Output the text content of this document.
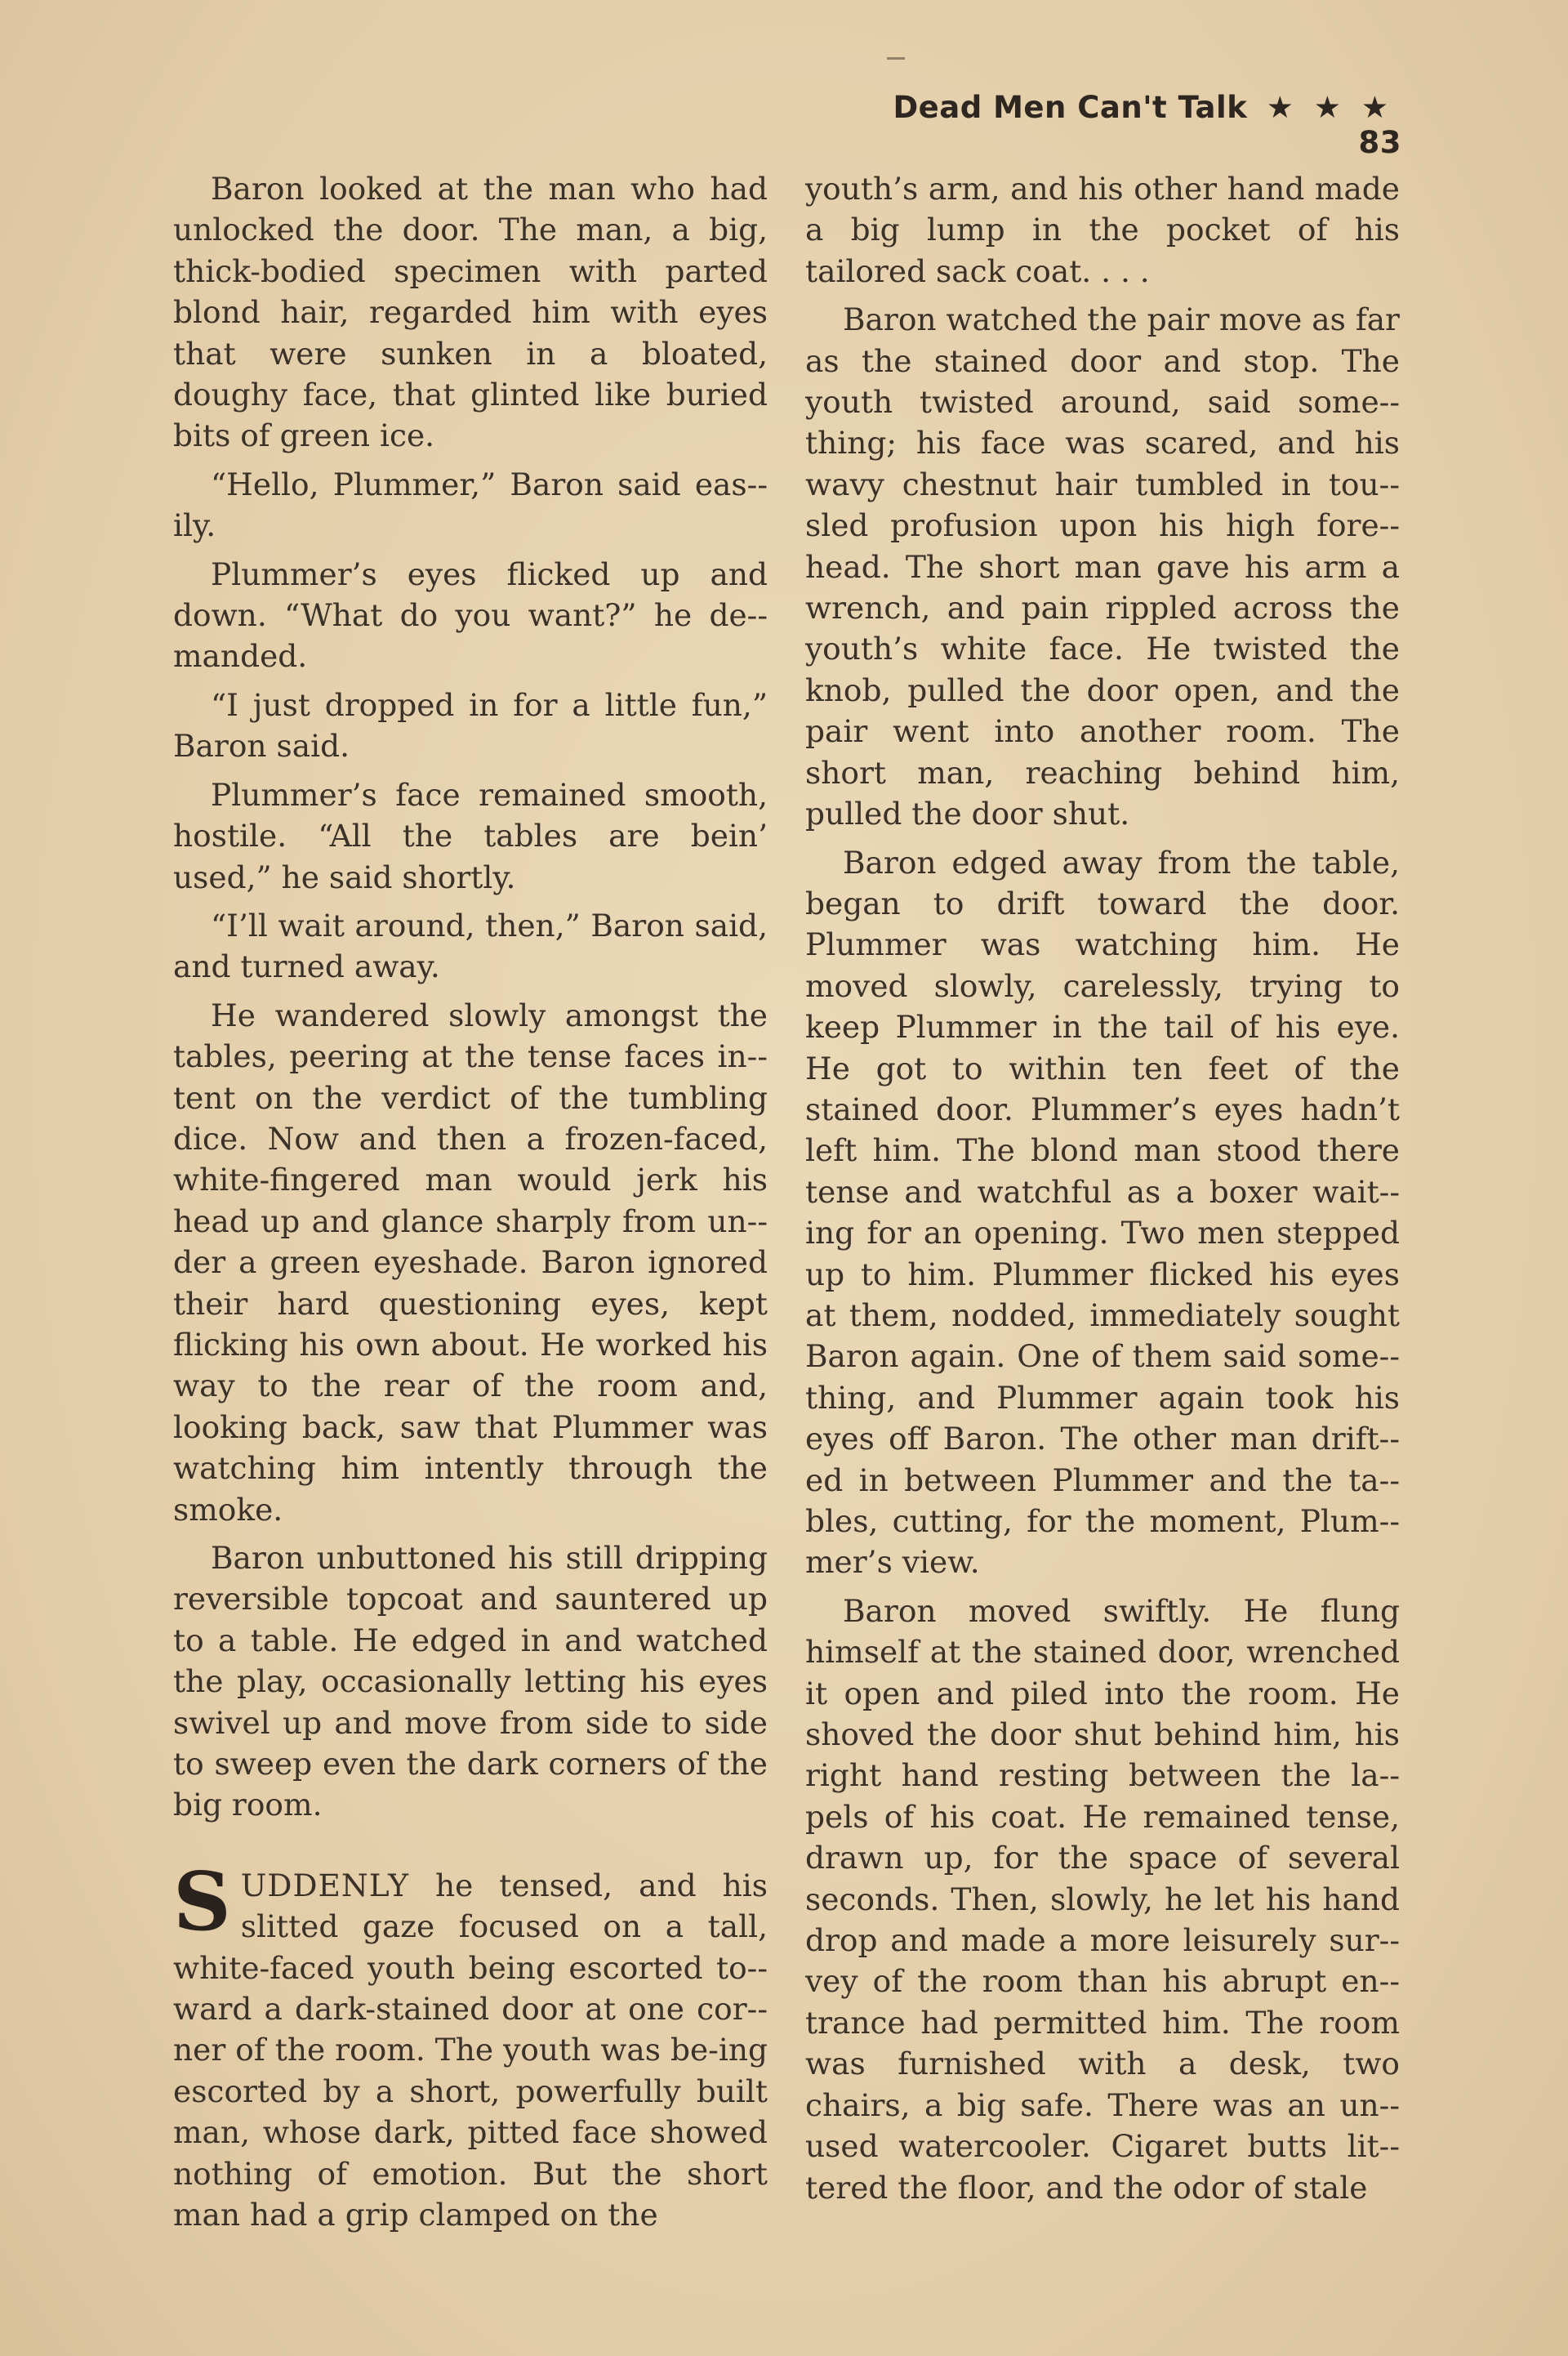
Dead Men Can't Talk ★ ★ ★ 83

Baron looked at the man who had unlocked the door. The man, a big, thick-bodied specimen with parted blond hair, regarded him with eyes that were sunken in a bloated, doughy face, that glinted like buried bits of green ice.

“Hello, Plummer,” Baron said eas-ily.

Plummer’s eyes flicked up and down. “What do you want?” he de-manded.

“I just dropped in for a little fun,” Baron said.

Plummer’s face remained smooth, hostile. “All the tables are bein’ used,” he said shortly.

“I’ll wait around, then,” Baron said, and turned away.

He wandered slowly amongst the tables, peering at the tense faces in-tent on the verdict of the tumbling dice. Now and then a frozen-faced, white-fingered man would jerk his head up and glance sharply from un-der a green eyeshade. Baron ignored their hard questioning eyes, kept flicking his own about. He worked his way to the rear of the room and, looking back, saw that Plummer was watching him intently through the smoke.

Baron unbuttoned his still dripping reversible topcoat and sauntered up to a table. He edged in and watched the play, occasionally letting his eyes swivel up and move from side to side to sweep even the dark corners of the big room.

SUDDENLY he tensed, and his slitted gaze focused on a tall, white-faced youth being escorted to-ward a dark-stained door at one cor-ner of the room. The youth was be-ing escorted by a short, powerfully built man, whose dark, pitted face showed nothing of emotion. But the short man had a grip clamped on the

youth’s arm, and his other hand made a big lump in the pocket of his tailored sack coat. . . .

Baron watched the pair move as far as the stained door and stop. The youth twisted around, said some-thing; his face was scared, and his wavy chestnut hair tumbled in tou-sled profusion upon his high fore-head. The short man gave his arm a wrench, and pain rippled across the youth’s white face. He twisted the knob, pulled the door open, and the pair went into another room. The short man, reaching behind him, pulled the door shut.

Baron edged away from the table, began to drift toward the door. Plummer was watching him. He moved slowly, carelessly, trying to keep Plummer in the tail of his eye. He got to within ten feet of the stained door. Plummer’s eyes hadn’t left him. The blond man stood there tense and watchful as a boxer wait-ing for an opening. Two men stepped up to him. Plummer flicked his eyes at them, nodded, immediately sought Baron again. One of them said some-thing, and Plummer again took his eyes off Baron. The other man drift-ed in between Plummer and the ta-bles, cutting, for the moment, Plum-mer’s view.

Baron moved swiftly. He flung himself at the stained door, wrenched it open and piled into the room. He shoved the door shut behind him, his right hand resting between the la-pels of his coat. He remained tense, drawn up, for the space of several seconds. Then, slowly, he let his hand drop and made a more leisurely sur-vey of the room than his abrupt en-trance had permitted him. The room was furnished with a desk, two chairs, a big safe. There was an un-used watercooler. Cigaret butts lit-tered the floor, and the odor of stale
